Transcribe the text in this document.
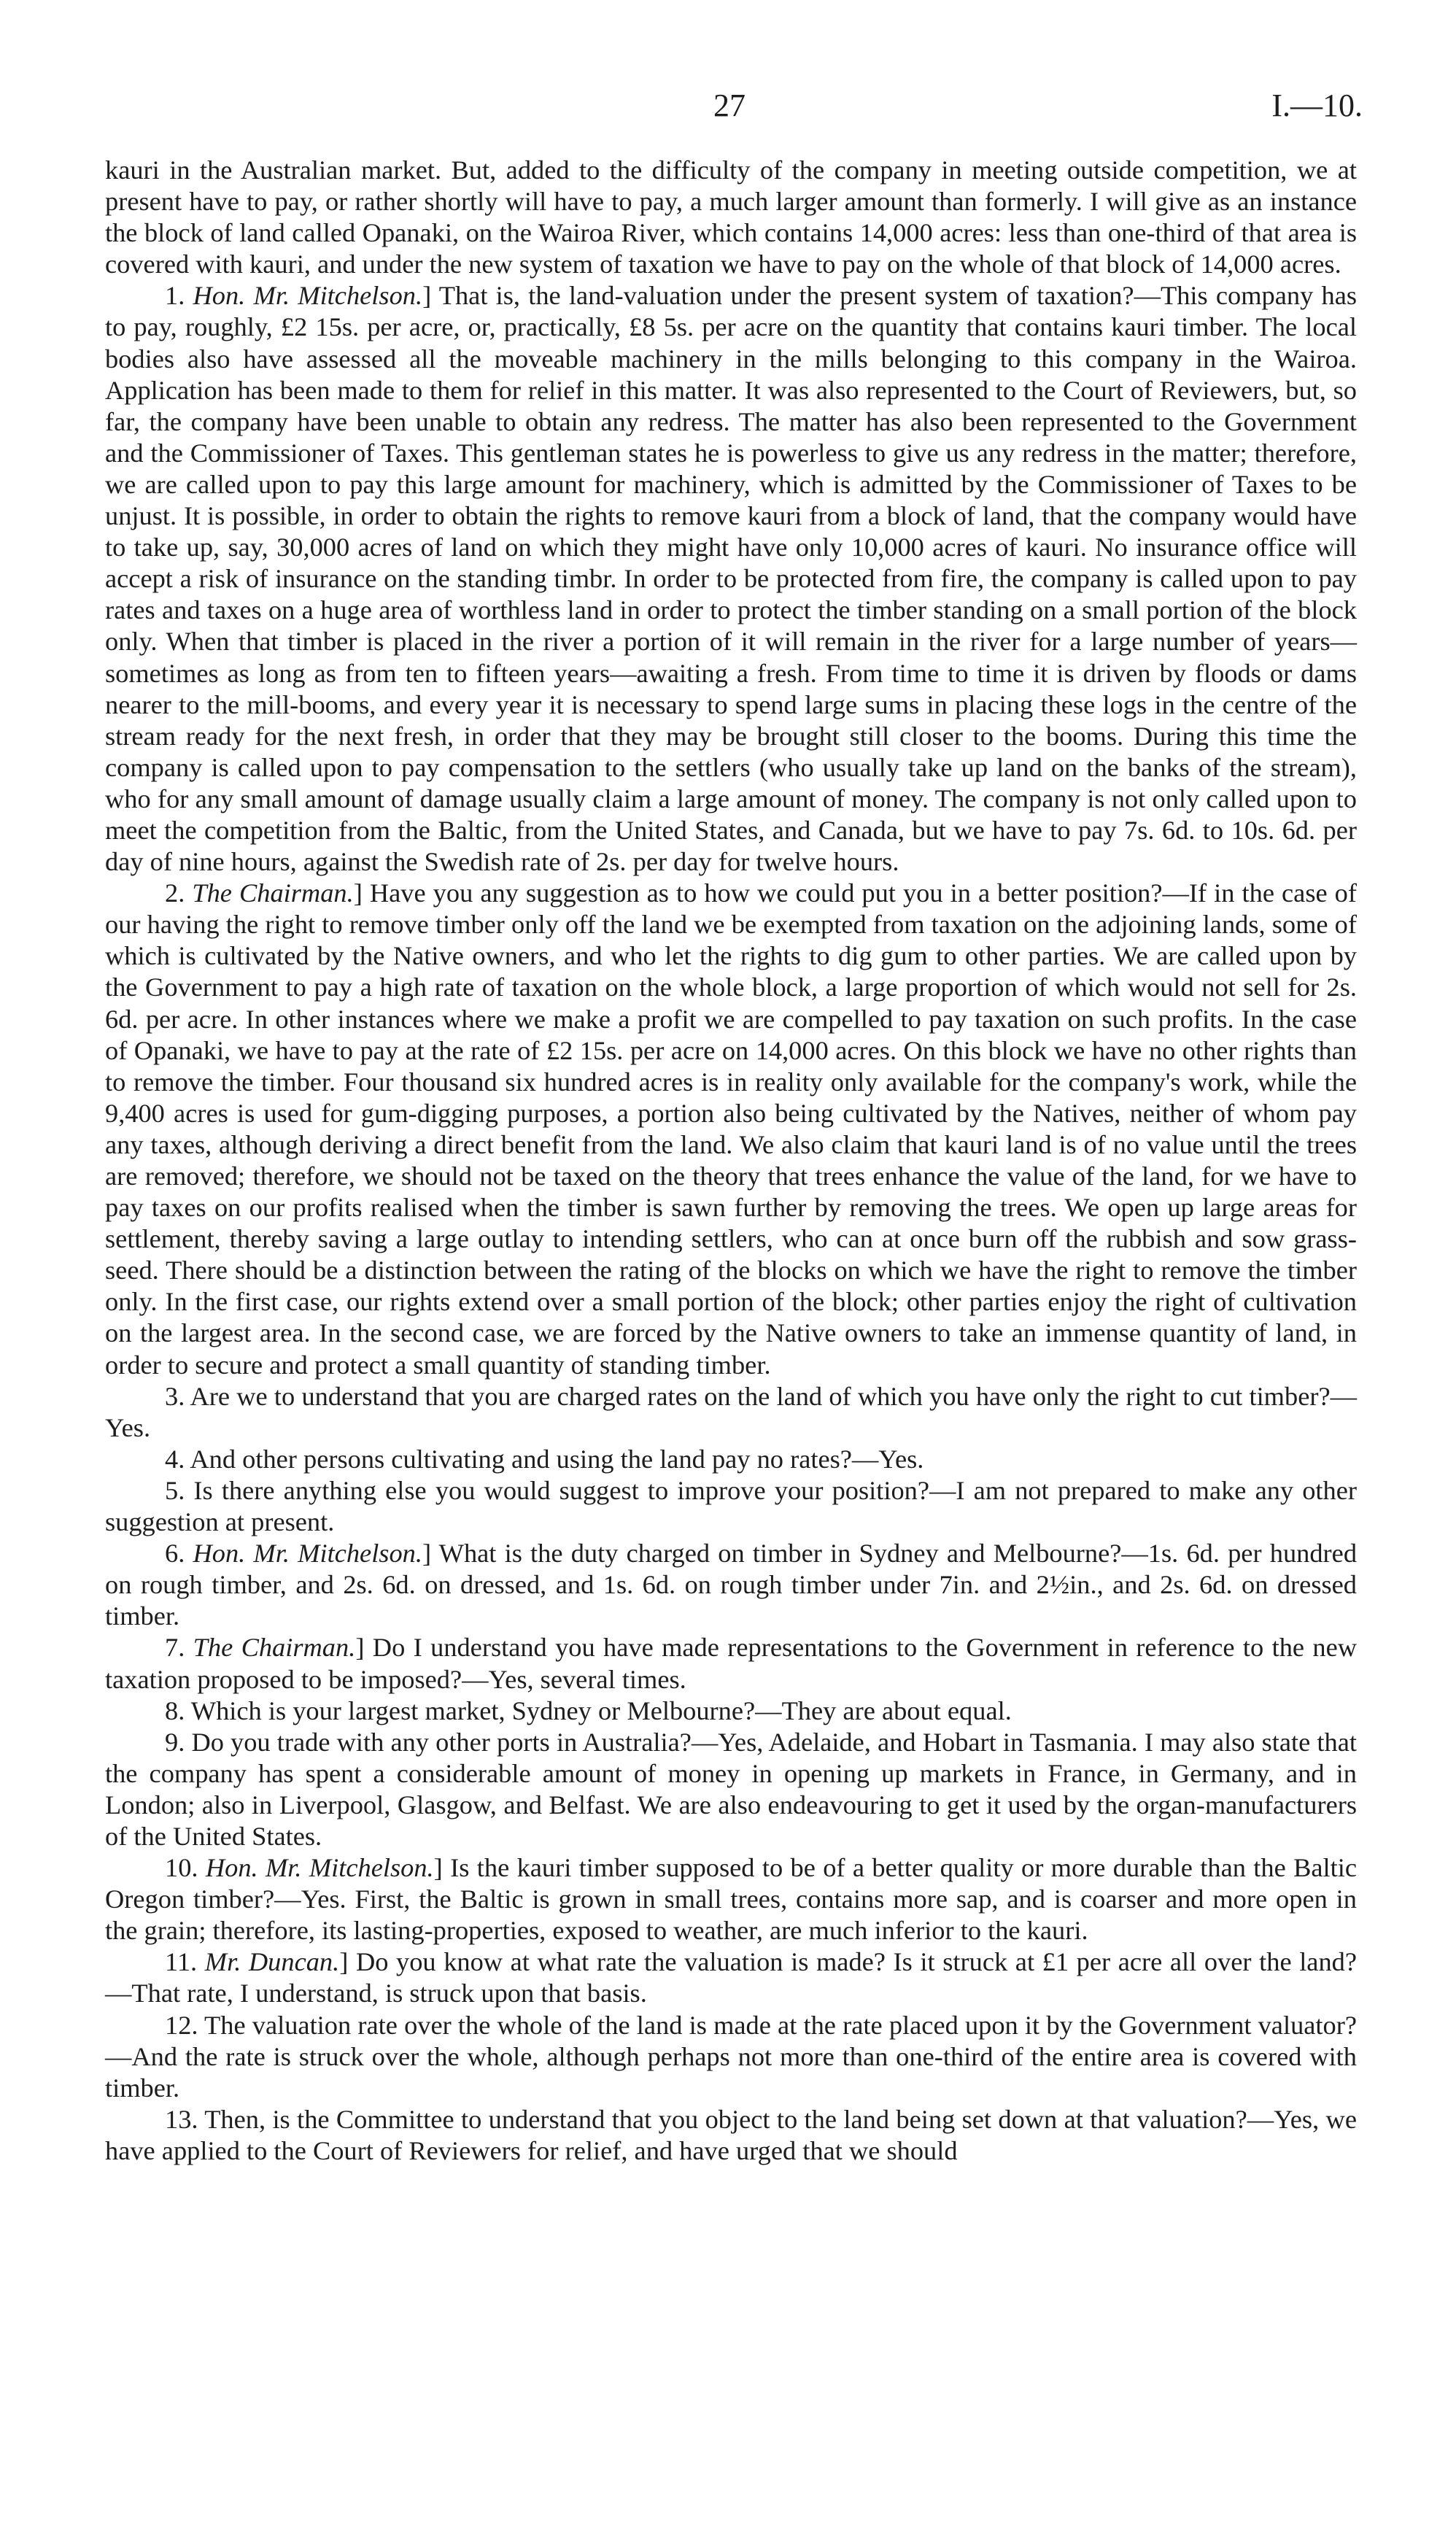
27	I.—10.

kauri in the Australian market. But, added to the difficulty of the company in meeting outside competition, we at present have to pay, or rather shortly will have to pay, a much larger amount than formerly. I will give as an instance the block of land called Opanaki, on the Wairoa River, which contains 14,000 acres: less than one-third of that area is covered with kauri, and under the new system of taxation we have to pay on the whole of that block of 14,000 acres.

1. Hon. Mr. Mitchelson.] That is, the land-valuation under the present system of taxation?—This company has to pay, roughly, £2 15s. per acre, or, practically, £8 5s. per acre on the quantity that contains kauri timber. The local bodies also have assessed all the moveable machinery in the mills belonging to this company in the Wairoa. Application has been made to them for relief in this matter. It was also represented to the Court of Reviewers, but, so far, the company have been unable to obtain any redress. The matter has also been represented to the Government and the Commissioner of Taxes. This gentleman states he is powerless to give us any redress in the matter; therefore, we are called upon to pay this large amount for machinery, which is admitted by the Commissioner of Taxes to be unjust. It is possible, in order to obtain the rights to remove kauri from a block of land, that the company would have to take up, say, 30,000 acres of land on which they might have only 10,000 acres of kauri. No insurance office will accept a risk of insurance on the standing timbr. In order to be protected from fire, the company is called upon to pay rates and taxes on a huge area of worthless land in order to protect the timber standing on a small portion of the block only. When that timber is placed in the river a portion of it will remain in the river for a large number of years—sometimes as long as from ten to fifteen years—awaiting a fresh. From time to time it is driven by floods or dams nearer to the mill-booms, and every year it is necessary to spend large sums in placing these logs in the centre of the stream ready for the next fresh, in order that they may be brought still closer to the booms. During this time the company is called upon to pay compensation to the settlers (who usually take up land on the banks of the stream), who for any small amount of damage usually claim a large amount of money. The company is not only called upon to meet the competition from the Baltic, from the United States, and Canada, but we have to pay 7s. 6d. to 10s. 6d. per day of nine hours, against the Swedish rate of 2s. per day for twelve hours.

2. The Chairman.] Have you any suggestion as to how we could put you in a better position?—If in the case of our having the right to remove timber only off the land we be exempted from taxation on the adjoining lands, some of which is cultivated by the Native owners, and who let the rights to dig gum to other parties. We are called upon by the Government to pay a high rate of taxation on the whole block, a large proportion of which would not sell for 2s. 6d. per acre. In other instances where we make a profit we are compelled to pay taxation on such profits. In the case of Opanaki, we have to pay at the rate of £2 15s. per acre on 14,000 acres. On this block we have no other rights than to remove the timber. Four thousand six hundred acres is in reality only available for the company's work, while the 9,400 acres is used for gum-digging purposes, a portion also being cultivated by the Natives, neither of whom pay any taxes, although deriving a direct benefit from the land. We also claim that kauri land is of no value until the trees are removed; therefore, we should not be taxed on the theory that trees enhance the value of the land, for we have to pay taxes on our profits realised when the timber is sawn further by removing the trees. We open up large areas for settlement, thereby saving a large outlay to intending settlers, who can at once burn off the rubbish and sow grass-seed. There should be a distinction between the rating of the blocks on which we have the right to remove the timber only. In the first case, our rights extend over a small portion of the block; other parties enjoy the right of cultivation on the largest area. In the second case, we are forced by the Native owners to take an immense quantity of land, in order to secure and protect a small quantity of standing timber.

3. Are we to understand that you are charged rates on the land of which you have only the right to cut timber?—Yes.

4. And other persons cultivating and using the land pay no rates?—Yes.

5. Is there anything else you would suggest to improve your position?—I am not prepared to make any other suggestion at present.

6. Hon. Mr. Mitchelson.] What is the duty charged on timber in Sydney and Melbourne?—1s. 6d. per hundred on rough timber, and 2s. 6d. on dressed, and 1s. 6d. on rough timber under 7in. and 2½in., and 2s. 6d. on dressed timber.

7. The Chairman.] Do I understand you have made representations to the Government in reference to the new taxation proposed to be imposed?—Yes, several times.

8. Which is your largest market, Sydney or Melbourne?—They are about equal.

9. Do you trade with any other ports in Australia?—Yes, Adelaide, and Hobart in Tasmania. I may also state that the company has spent a considerable amount of money in opening up markets in France, in Germany, and in London; also in Liverpool, Glasgow, and Belfast. We are also endeavouring to get it used by the organ-manufacturers of the United States.

10. Hon. Mr. Mitchelson.] Is the kauri timber supposed to be of a better quality or more durable than the Baltic Oregon timber?—Yes. First, the Baltic is grown in small trees, contains more sap, and is coarser and more open in the grain; therefore, its lasting-properties, exposed to weather, are much inferior to the kauri.

11. Mr. Duncan.] Do you know at what rate the valuation is made? Is it struck at £1 per acre all over the land?—That rate, I understand, is struck upon that basis.

12. The valuation rate over the whole of the land is made at the rate placed upon it by the Government valuator?—And the rate is struck over the whole, although perhaps not more than one-third of the entire area is covered with timber.

13. Then, is the Committee to understand that you object to the land being set down at that valuation?—Yes, we have applied to the Court of Reviewers for relief, and have urged that we should
